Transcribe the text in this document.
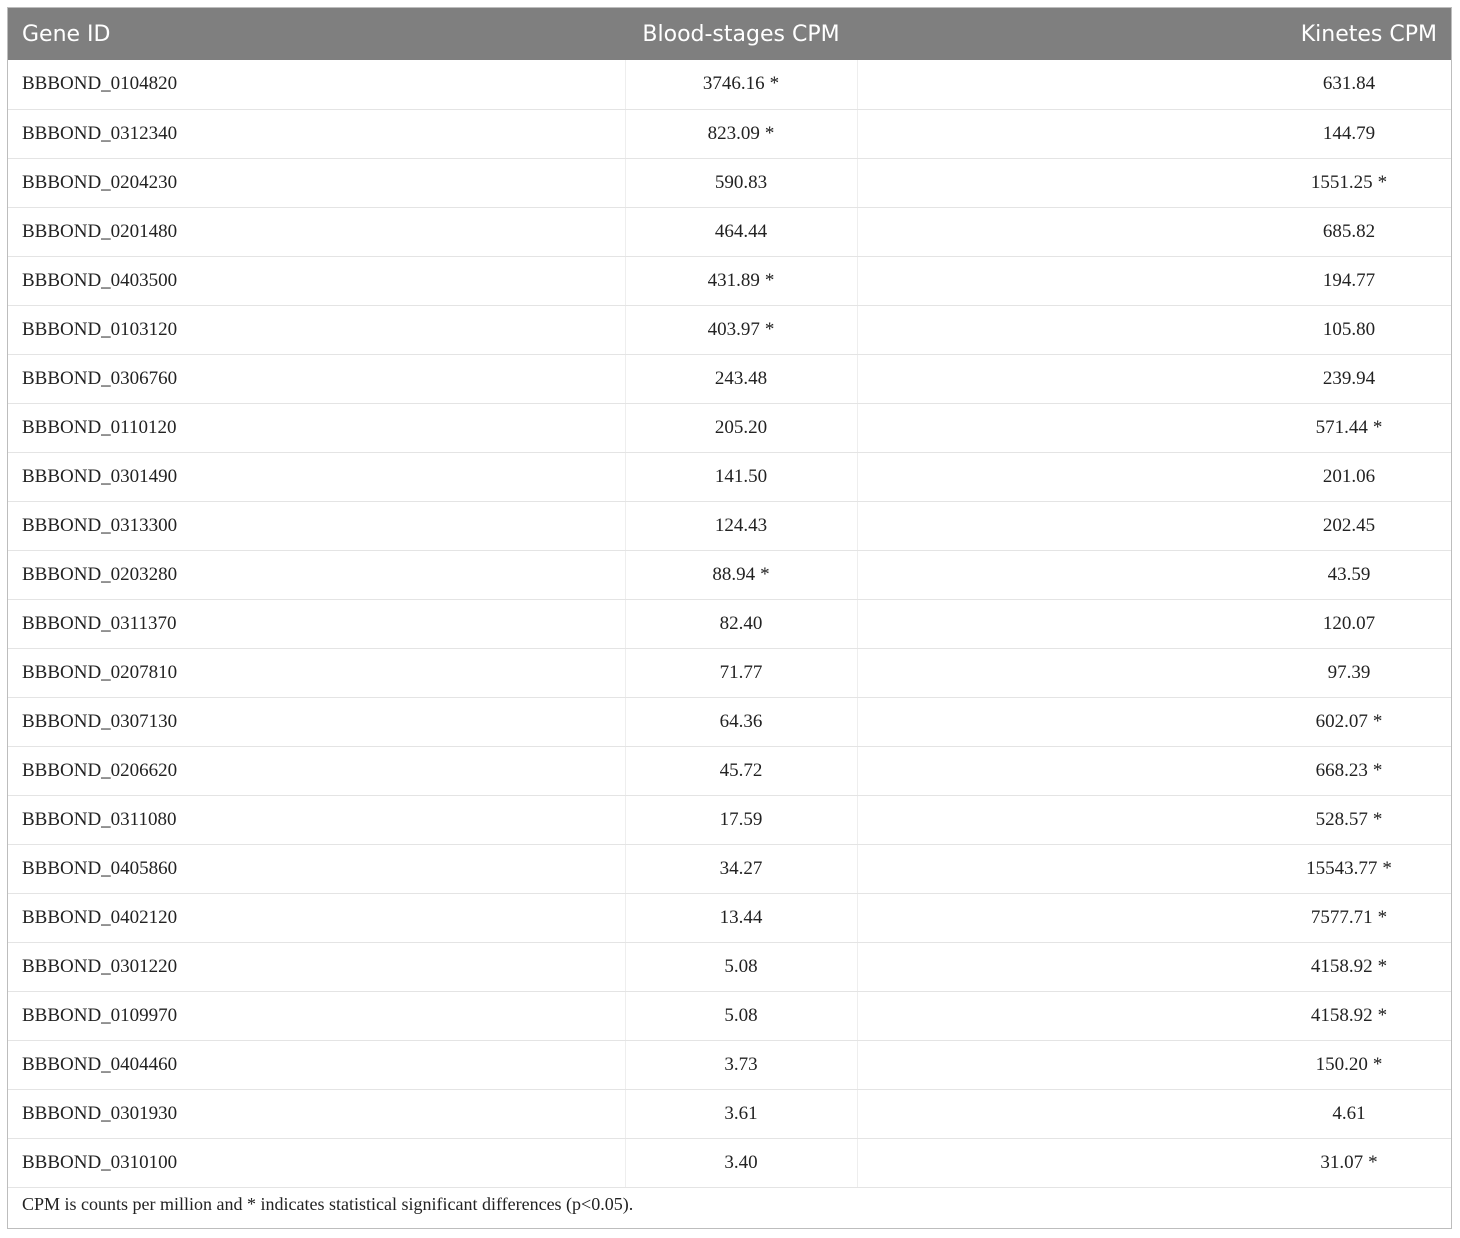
Gene ID	Blood-stages CPM	Kinetes CPM
BBBOND_0104820	3746.16 *	631.84
BBBOND_0312340	823.09 *	144.79
BBBOND_0204230	590.83	1551.25 *
BBBOND_0201480	464.44	685.82
BBBOND_0403500	431.89 *	194.77
BBBOND_0103120	403.97 *	105.80
BBBOND_0306760	243.48	239.94
BBBOND_0110120	205.20	571.44 *
BBBOND_0301490	141.50	201.06
BBBOND_0313300	124.43	202.45
BBBOND_0203280	88.94 *	43.59
BBBOND_0311370	82.40	120.07
BBBOND_0207810	71.77	97.39
BBBOND_0307130	64.36	602.07 *
BBBOND_0206620	45.72	668.23 *
BBBOND_0311080	17.59	528.57 *
BBBOND_0405860	34.27	15543.77 *
BBBOND_0402120	13.44	7577.71 *
BBBOND_0301220	5.08	4158.92 *
BBBOND_0109970	5.08	4158.92 *
BBBOND_0404460	3.73	150.20 *
BBBOND_0301930	3.61	4.61
BBBOND_0310100	3.40	31.07 *
CPM is counts per million and * indicates statistical significant differences (p<0.05).
